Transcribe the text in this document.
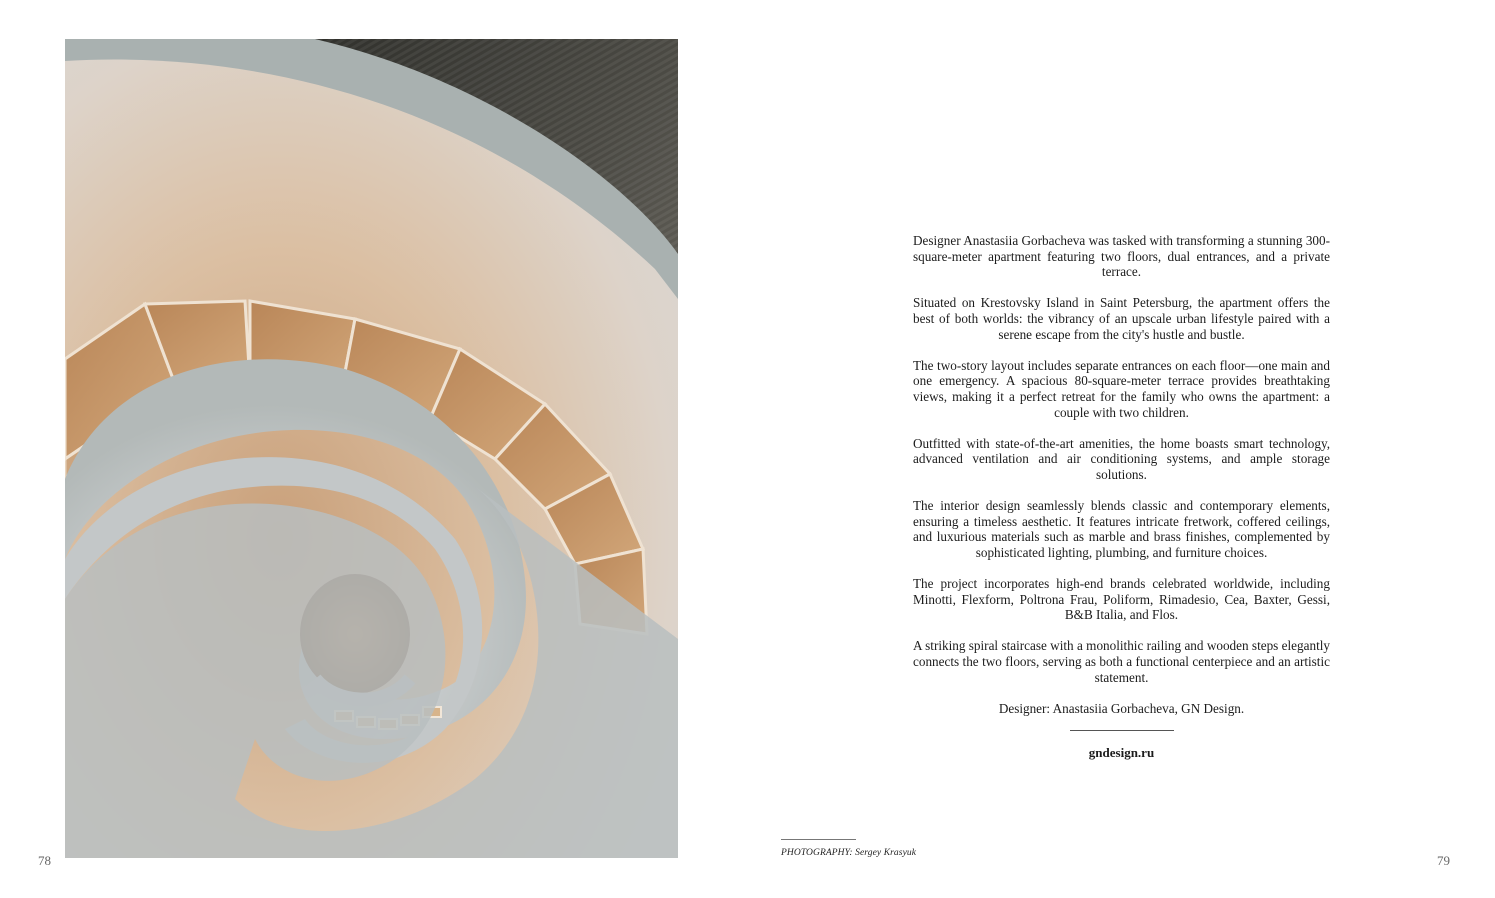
Designer Anastasiia Gorbacheva was tasked with transforming a stunning 300-square-meter apartment featuring two floors, dual entrances, and a private terrace.

Situated on Krestovsky Island in Saint Petersburg, the apartment offers the best of both worlds: the vibrancy of an upscale urban lifestyle paired with a serene escape from the city's hustle and bustle.

The two-story layout includes separate entrances on each floor—one main and one emergency. A spacious 80-square-meter terrace provides breathtaking views, making it a perfect retreat for the family who owns the apartment: a couple with two children.

Outfitted with state-of-the-art amenities, the home boasts smart technology, advanced ventilation and air conditioning systems, and ample storage solutions.

The interior design seamlessly blends classic and contemporary elements, ensuring a timeless aesthetic. It features intricate fretwork, coffered ceilings, and luxurious materials such as marble and brass finishes, complemented by sophisticated lighting, plumbing, and furniture choices.

The project incorporates high-end brands celebrated worldwide, including Minotti, Flexform, Poltrona Frau, Poliform, Rimadesio, Cea, Baxter, Gessi, B&B Italia, and Flos.

A striking spiral staircase with a monolithic railing and wooden steps elegantly connects the two floors, serving as both a functional centerpiece and an artistic statement.

Designer: Anastasiia Gorbacheva, GN Design.

gndesign.ru
PHOTOGRAPHY: Sergey Krasyuk
78	79
